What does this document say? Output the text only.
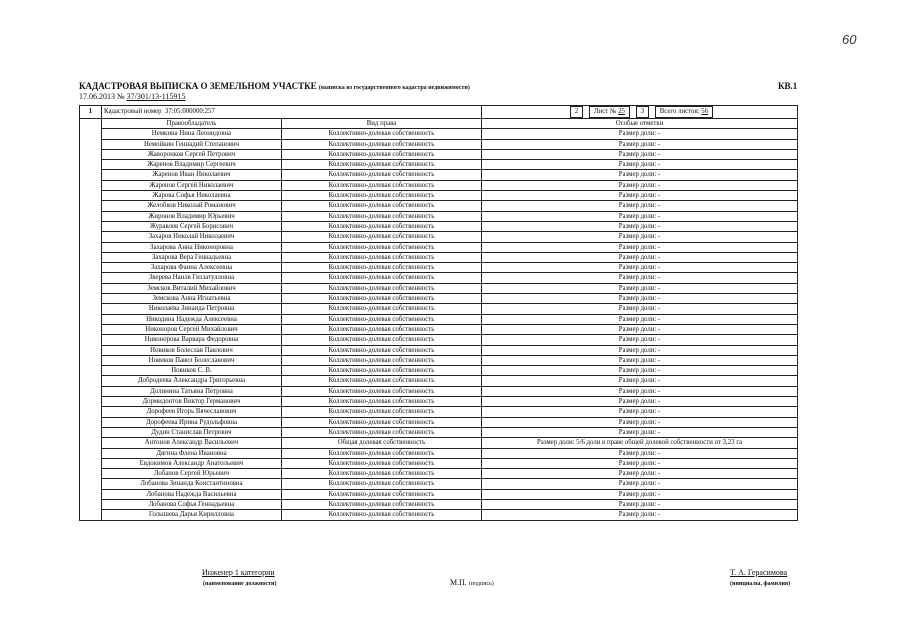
60
КАДАСТРОВАЯ ВЫПИСКА О ЗЕМЕЛЬНОМ УЧАСТКЕ (выписка из государственного кадастра недвижимости)	КВ.1
17.06.2013 № 37/301/13-115915
1	Кадастровый номер 37:05:000000:257		2 Лист № 25 3 Всего листов: 56
	Правообладатель	Вид права	Особые отметки
	Немкина Нина Леонидовна	Коллективно-долевая собственность	Размер доли: -
	Немойкин Геннадий Степанович	Коллективно-долевая собственность	Размер доли: -
	Жаворонков Сергей Петрович	Коллективно-долевая собственность	Размер доли: -
	Жаренов Владимир Сергеевич	Коллективно-долевая собственность	Размер доли: -
	Жаренов Иван Николаевич	Коллективно-долевая собственность	Размер доли: -
	Жаренов Сергей Николаевич	Коллективно-долевая собственность	Размер доли: -
	Жарова Софья Николаевна	Коллективно-долевая собственность	Размер доли: -
	Желобков Николай Романович	Коллективно-долевая собственность	Размер доли: -
	Жиронов Владимир Юрьевич	Коллективно-долевая собственность	Размер доли: -
	Журавлев Сергей Борисович	Коллективно-долевая собственность	Размер доли: -
	Захаров Николай Николаевич	Коллективно-долевая собственность	Размер доли: -
	Захарова Анна Никоноровна	Коллективно-долевая собственность	Размер доли: -
	Захарова Вера Геннадьевна	Коллективно-долевая собственность	Размер доли: -
	Захарова Фаина Алексеевна	Коллективно-долевая собственность	Размер доли: -
	Зверева Наиля Гиззатулловна	Коллективно-долевая собственность	Размер доли: -
	Земсков Виталий Михайлович	Коллективно-долевая собственность	Размер доли: -
	Земскова Анна Игнатьевна	Коллективно-долевая собственность	Размер доли: -
	Николаева Зинаида Петровна	Коллективно-долевая собственность	Размер доли: -
	Никодина Надежда Алексеевна	Коллективно-долевая собственность	Размер доли: -
	Никоноров Сергей Михайлович	Коллективно-долевая собственность	Размер доли: -
	Никонорова Варвара Федоровна	Коллективно-долевая собственность	Размер доли: -
	Новиков Болеслав Павлович	Коллективно-долевая собственность	Размер доли: -
	Новиков Павел Болеславович	Коллективно-долевая собственность	Размер доли: -
	Новиков С. В.	Коллективно-долевая собственность	Размер доли: -
	Добродеева Александра Григорьевна	Коллективно-долевая собственность	Размер доли: -
	Долинина Татьяна Петровна	Коллективно-долевая собственность	Размер доли: -
	Дормидонтов Виктор Германович	Коллективно-долевая собственность	Размер доли: -
	Дорофеев Игорь Вячеславович	Коллективно-долевая собственность	Размер доли: -
	Дорофеева Ирина Рудольфовна	Коллективно-долевая собственность	Размер доли: -
	Дудин Станислав Петрович	Коллективно-долевая собственность	Размер доли: -
	Антонов Александр Васильевич	Общая долевая собственность	Размер доли: 5/6 доли в праве общей долевой собственности от 3,23 га
	Дягина Флена Ивановна	Коллективно-долевая собственность	Размер доли: -
	Евдокимов Александр Анатольевич	Коллективно-долевая собственность	Размер доли: -
	Лобанов Сергей Юрьевич	Коллективно-долевая собственность	Размер доли: -
	Лобанова Зинаида Константиновна	Коллективно-долевая собственность	Размер доли: -
	Лобанова Надежда Васильевна	Коллективно-долевая собственность	Размер доли: -
	Лобанова Софья Геннадьевна	Коллективно-долевая собственность	Размер доли: -
	Голышева Дарья Кирилловна	Коллективно-долевая собственность	Размер доли: -
Инженер 1 категории
(наименование должности)	М.П. (подпись)
Т. А. Герасимова
(инициалы, фамилия)
